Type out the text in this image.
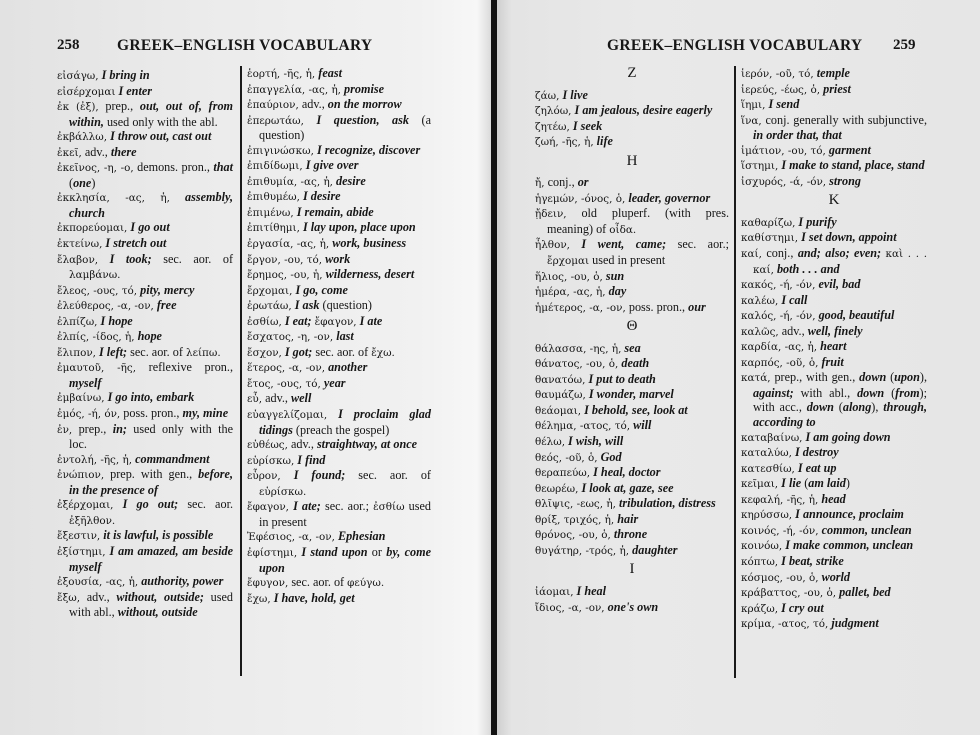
258 GREEK–ENGLISH VOCABULARY

εἰσάγω, I bring in

εἰσέρχομαι I enter

ἐκ (ἐξ), prep., out, out of, from within, used only with the abl.

ἐκβάλλω, I throw out, cast out

ἐκεῖ, adv., there

ἐκεῖνος, -η, -ο, demons. pron., that (one)

ἐκκλησία, -ας, ἡ, assembly, church

ἐκπορεύομαι, I go out

ἐκτείνω, I stretch out

ἔλαβον, I took; sec. aor. of λαμβάνω.

ἔλεος, -ους, τό, pity, mercy

ἐλεύθερος, -α, -ον, free

ἐλπίζω, I hope

ἐλπίς, -ίδος, ἡ, hope

ἔλιπον, I left; sec. aor. of λείπω.

ἐμαυτοῦ, -ῆς, reflexive pron., myself

ἐμβαίνω, I go into, embark

ἐμός, -ή, όν, poss. pron., my, mine

ἐν, prep., in; used only with the loc.

ἐντολή, -ῆς, ἡ, commandment

ἐνώπιον, prep. with gen., before, in the presence of

ἐξέρχομαι, I go out; sec. aor. ἐξῆλθον.

ἔξεστιν, it is lawful, is possible

ἐξίστημι, I am amazed, am beside myself

ἐξουσία, -ας, ἡ, authority, power

ἔξω, adv., without, outside; used with abl., without, outside

ἑορτή, -ῆς, ἡ, feast

ἐπαγγελία, -ας, ἡ, promise

ἐπαύριον, adv., on the morrow

ἐπερωτάω, I question, ask (a question)

ἐπιγινώσκω, I recognize, discover

ἐπιδίδωμι, I give over

ἐπιθυμία, -ας, ἡ, desire

ἐπιθυμέω, I desire

ἐπιμένω, I remain, abide

ἐπιτίθημι, I lay upon, place upon

ἐργασία, -ας, ἡ, work, business

ἔργον, -ου, τό, work

ἔρημος, -ου, ἡ, wilderness, desert

ἔρχομαι, I go, come

ἐρωτάω, I ask (question)

ἐσθίω, I eat; ἔφαγον, I ate

ἔσχατος, -η, -ον, last

ἔσχον, I got; sec. aor. of ἔχω.

ἕτερος, -α, -ον, another

ἔτος, -ους, τό, year

εὖ, adv., well

εὐαγγελίζομαι, I proclaim glad tidings (preach the gospel)

εὐθέως, adv., straightway, at once

εὑρίσκω, I find

εὗρον, I found; sec. aor. of εὑρίσκω.

ἔφαγον, I ate; sec. aor.; ἐσθίω used in present

Ἐφέσιος, -α, -ον, Ephesian

ἐφίστημι, I stand upon or by, come upon

ἔφυγον, sec. aor. of φεύγω.

ἔχω, I have, hold, get

GREEK–ENGLISH VOCABULARY 259
Z

ζάω, I live

ζηλόω, I am jealous, desire eagerly

ζητέω, I seek

ζωή, -ῆς, ἡ, life

H

ἤ, conj., or

ἡγεμών, -όνος, ὁ, leader, governor

ᾔδειν, old pluperf. (with pres. meaning) of οἶδα.

ἦλθον, I went, came; sec. aor.; ἔρχομαι used in present

ἥλιος, -ου, ὁ, sun

ἡμέρα, -ας, ἡ, day

ἡμέτερος, -α, -ον, poss. pron., our

Θ

θάλασσα, -ης, ἡ, sea

θάνατος, -ου, ὁ, death

θανατόω, I put to death

θαυμάζω, I wonder, marvel

θεάομαι, I behold, see, look at

θέλημα, -ατος, τό, will

θέλω, I wish, will

θεός, -οῦ, ὁ, God

θεραπεύω, I heal, doctor

θεωρέω, I look at, gaze, see

θλῖψις, -εως, ἡ, tribulation, distress

θρίξ, τριχός, ἡ, hair

θρόνος, -ου, ὁ, throne

θυγάτηρ, -τρός, ἡ, daughter

I

ἰάομαι, I heal

ἴδιος, -α, -ον, one's own

ἱερόν, -οῦ, τό, temple

ἱερεύς, -έως, ὁ, priest

ἵημι, I send

ἵνα, conj. generally with subjunctive, in order that, that

ἱμάτιον, -ου, τό, garment

ἵστημι, I make to stand, place, stand

ἰσχυρός, -ά, -όν, strong

K

καθαρίζω, I purify

καθίστημι, I set down, appoint

καί, conj., and; also; even; καὶ . . . καί, both . . . and

κακός, -ή, -όν, evil, bad

καλέω, I call

καλός, -ή, -όν, good, beautiful

καλῶς, adv., well, finely

καρδία, -ας, ἡ, heart

καρπός, -οῦ, ὁ, fruit

κατά, prep., with gen., down (upon), against; with abl., down (from); with acc., down (along), through, according to

καταβαίνω, I am going down

καταλύω, I destroy

κατεσθίω, I eat up

κεῖμαι, I lie (am laid)

κεφαλή, -ῆς, ἡ, head

κηρύσσω, I announce, proclaim

κοινός, -ή, -όν, common, unclean

κοινόω, I make common, unclean

κόπτω, I beat, strike

κόσμος, -ου, ὁ, world

κράβαττος, -ου, ὁ, pallet, bed

κράζω, I cry out

κρίμα, -ατος, τό, judgment
